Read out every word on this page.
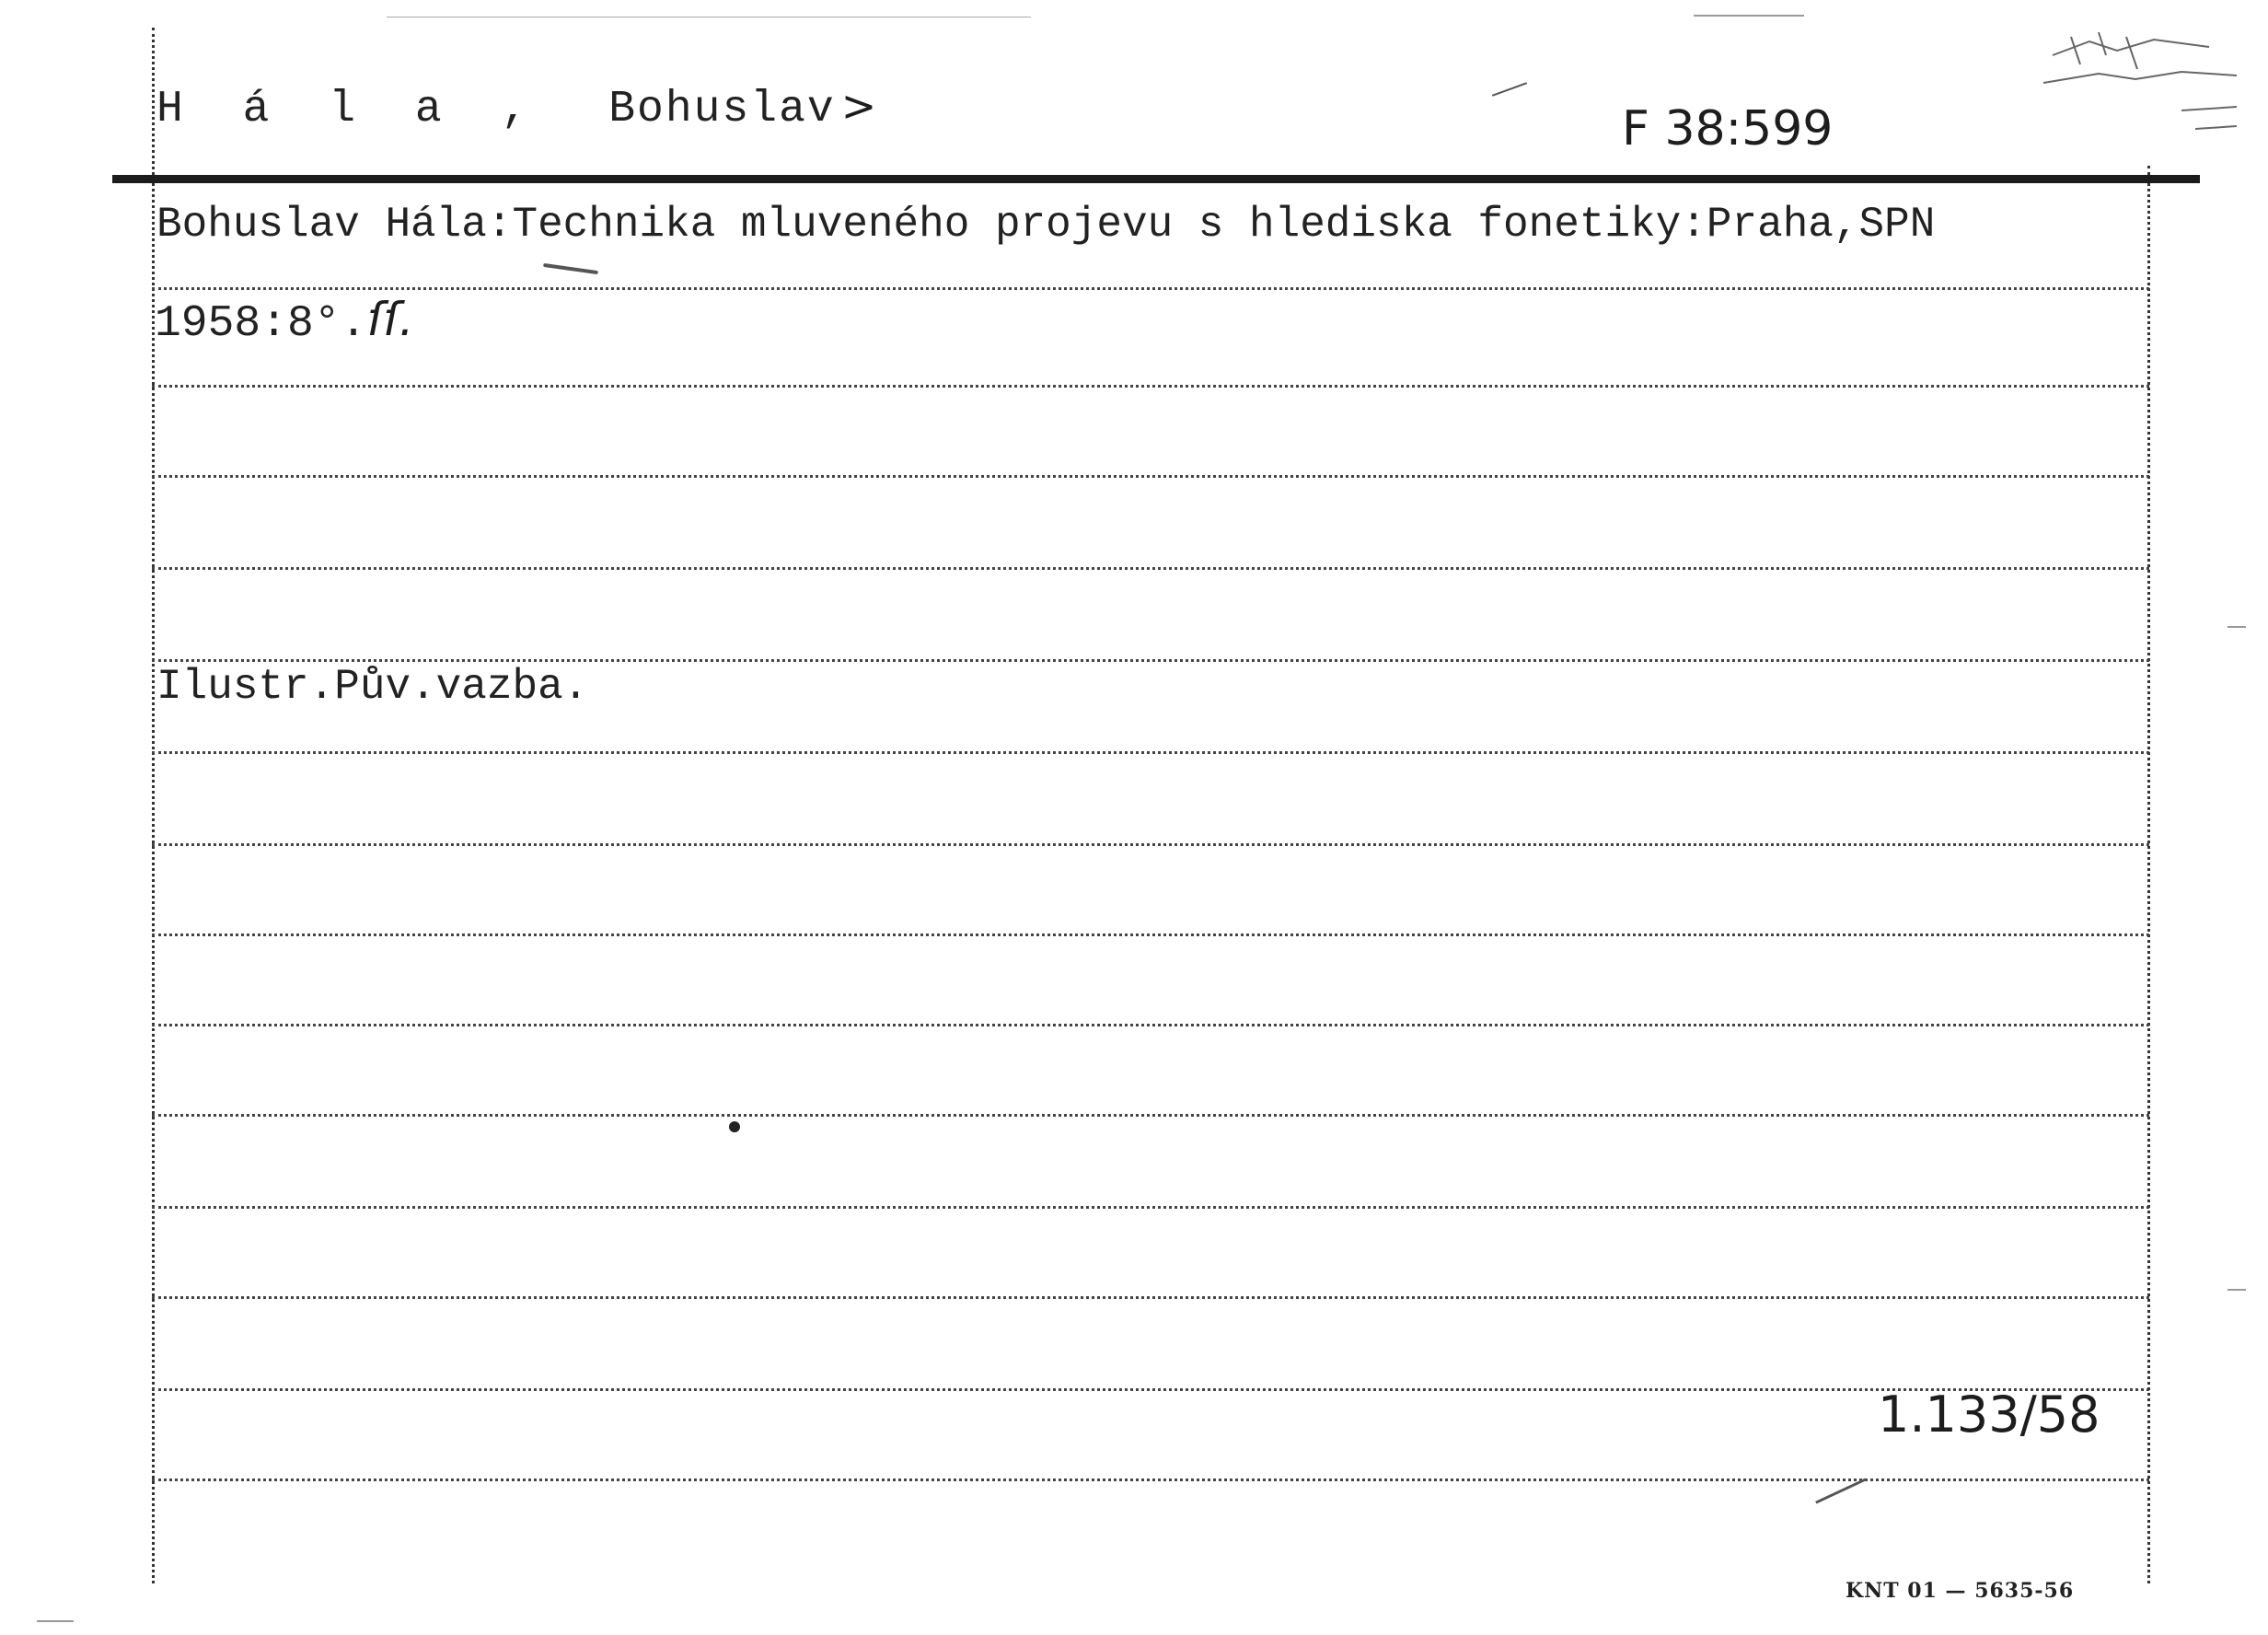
H á l a , Bohuslav >	F 38:599
Bohuslav Hála:Technika mluveného projevu s hlediska fonetiky:Praha,SPN
1958:8°.ſſ.
Ilustr.Pův.vazba.
1.133/58
KNT 01 — 5635-56
